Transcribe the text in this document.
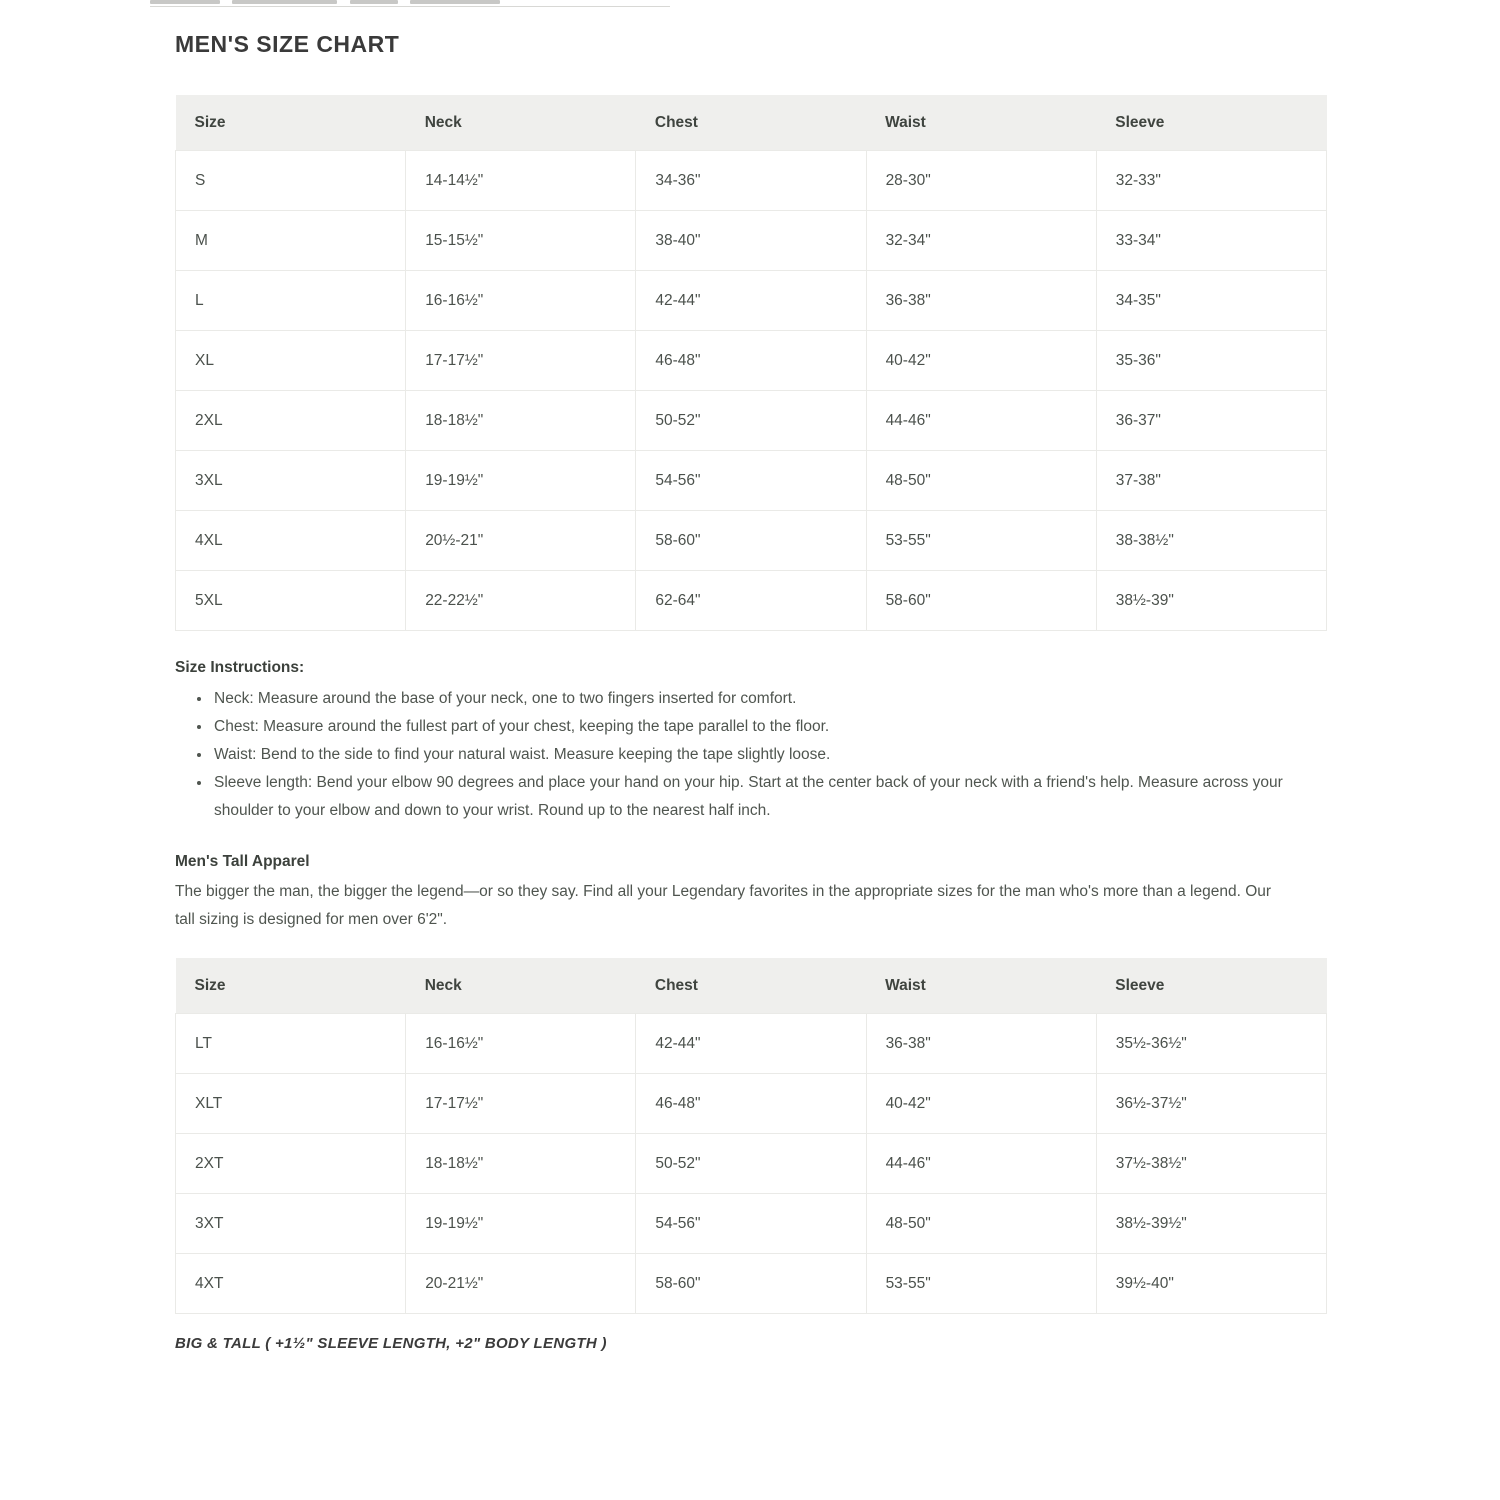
MEN'S SIZE CHART
Size	Neck	Chest	Waist	Sleeve
S	14-14½"	34-36"	28-30"	32-33"
M	15-15½"	38-40"	32-34"	33-34"
L	16-16½"	42-44"	36-38"	34-35"
XL	17-17½"	46-48"	40-42"	35-36"
2XL	18-18½"	50-52"	44-46"	36-37"
3XL	19-19½"	54-56"	48-50"	37-38"
4XL	20½-21"	58-60"	53-55"	38-38½"
5XL	22-22½"	62-64"	58-60"	38½-39"
Size Instructions:
• Neck: Measure around the base of your neck, one to two fingers inserted for comfort.
• Chest: Measure around the fullest part of your chest, keeping the tape parallel to the floor.
• Waist: Bend to the side to find your natural waist. Measure keeping the tape slightly loose.
• Sleeve length: Bend your elbow 90 degrees and place your hand on your hip. Start at the center back of your neck with a friend's help. Measure across your shoulder to your elbow and down to your wrist. Round up to the nearest half inch.
Men's Tall Apparel

The bigger the man, the bigger the legend—or so they say. Find all your Legendary favorites in the appropriate sizes for the man who's more than a legend. Our tall sizing is designed for men over 6'2".

Size	Neck	Chest	Waist	Sleeve
LT	16-16½"	42-44"	36-38"	35½-36½"
XLT	17-17½"	46-48"	40-42"	36½-37½"
2XT	18-18½"	50-52"	44-46"	37½-38½"
3XT	19-19½"	54-56"	48-50"	38½-39½"
4XT	20-21½"	58-60"	53-55"	39½-40"
BIG & TALL ( +1½" SLEEVE LENGTH, +2" BODY LENGTH )
